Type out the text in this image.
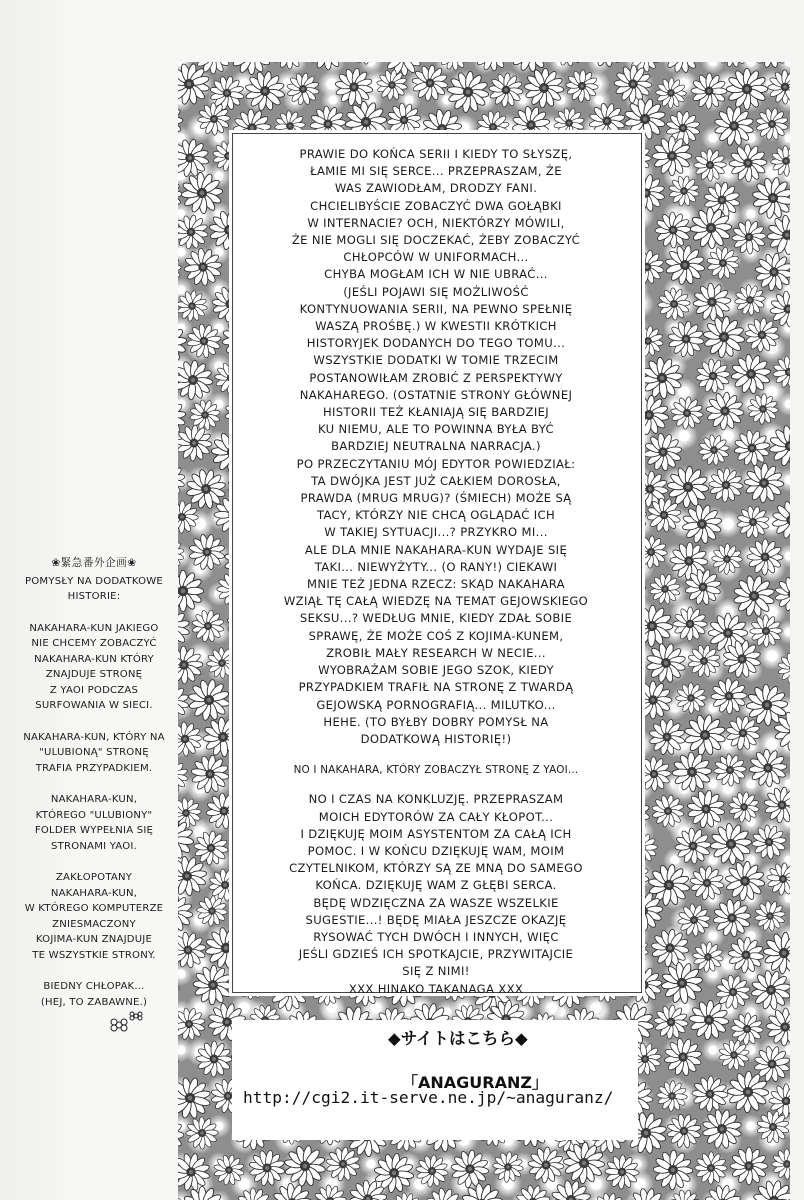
PRAWIE DO KOŃCA SERII I KIEDY TO SŁYSZĘ,
ŁAMIE MI SIĘ SERCE... PRZEPRASZAM, ŻE
WAS ZAWIODŁAM, DRODZY FANI.
CHCIELIBYŚCIE ZOBACZYĆ DWA GOŁĄBKI
W INTERNACIE? OCH, NIEKTÓRZY MÓWILI,
ŻE NIE MOGLI SIĘ DOCZEKAĆ, ŻEBY ZOBACZYĆ
CHŁOPCÓW W UNIFORMACH...
CHYBA MOGŁAM ICH W NIE UBRAĆ...
(JEŚLI POJAWI SIĘ MOŻLIWOŚĆ
KONTYNUOWANIA SERII, NA PEWNO SPEŁNIĘ
WASZĄ PROŚBĘ.) W KWESTII KRÓTKICH
HISTORYJEK DODANYCH DO TEGO TOMU...
WSZYSTKIE DODATKI W TOMIE TRZECIM
POSTANOWIŁAM ZROBIĆ Z PERSPEKTYWY
NAKAHAREGO. (OSTATNIE STRONY GŁÓWNEJ
HISTORII TEŻ KŁANIAJĄ SIĘ BARDZIEJ
KU NIEMU, ALE TO POWINNA BYŁA BYĆ
BARDZIEJ NEUTRALNA NARRACJA.)
PO PRZECZYTANIU MÓJ EDYTOR POWIEDZIAŁ:
TA DWÓJKA JEST JUŻ CAŁKIEM DOROSŁA,
PRAWDA (MRUG MRUG)? (ŚMIECH) MOŻE SĄ
TACY, KTÓRZY NIE CHCĄ OGLĄDAĆ ICH
W TAKIEJ SYTUACJI...? PRZYKRO MI...
ALE DLA MNIE NAKAHARA-KUN WYDAJE SIĘ
TAKI... NIEWYŻYTY... (O RANY!) CIEKAWI
MNIE TEŻ JEDNA RZECZ: SKĄD NAKAHARA
WZIĄŁ TĘ CAŁĄ WIEDZĘ NA TEMAT GEJOWSKIEGO
SEKSU...? WEDŁUG MNIE, KIEDY ZDAŁ SOBIE
SPRAWĘ, ŻE MOŻE COŚ Z KOJIMA-KUNEM,
ZROBIŁ MAŁY RESEARCH W NECIE...
WYOBRAŻAM SOBIE JEGO SZOK, KIEDY
PRZYPADKIEM TRAFIŁ NA STRONĘ Z TWARDĄ
GEJOWSKĄ PORNOGRAFIĄ... MILUTKO...
HEHE. (TO BYŁBY DOBRY POMYSŁ NA
DODATKOWĄ HISTORIĘ!)
NO I NAKAHARA, KTÓRY ZOBACZYŁ STRONĘ Z YAOI...
NO I CZAS NA KONKLUZJĘ. PRZEPRASZAM
MOICH EDYTORÓW ZA CAŁY KŁOPOT...
I DZIĘKUJĘ MOIM ASYSTENTOM ZA CAŁĄ ICH
POMOC. I W KOŃCU DZIĘKUJĘ WAM, MOIM
CZYTELNIKOM, KTÓRZY SĄ ZE MNĄ DO SAMEGO
KOŃCA. DZIĘKUJĘ WAM Z GŁĘBI SERCA.
BĘDĘ WDZIĘCZNA ZA WASZE WSZELKIE
SUGESTIE...! BĘDĘ MIAŁA JESZCZE OKAZJĘ
RYSOWAĆ TYCH DWÓCH I INNYCH, WIĘC
JEŚLI GDZIEŚ ICH SPOTKAJCIE, PRZYWITAJCIE
SIĘ Z NIMI!
XXX HINAKO TAKANAGA XXX
◆サイトはこちら◆
「ANAGURANZ」
http://cgi2.it-serve.ne.jp/~anaguranz/
❀緊急番外企画❀
POMYSŁY NA DODATKOWE
HISTORIE:
NAKAHARA-KUN JAKIEGO
NIE CHCEMY ZOBACZYĆ
NAKAHARA-KUN KTÓRY
ZNAJDUJE STRONĘ
Z YAOI PODCZAS
SURFOWANIA W SIECI.
NAKAHARA-KUN, KTÓRY NA
"ULUBIONĄ" STRONĘ
TRAFIA PRZYPADKIEM.
NAKAHARA-KUN,
KTÓREGO "ULUBIONY"
FOLDER WYPEŁNIA SIĘ
STRONAMI YAOI.
ZAKŁOPOTANY
NAKAHARA-KUN,
W KTÓREGO KOMPUTERZE
ZNIESMACZONY
KOJIMA-KUN ZNAJDUJE
TE WSZYSTKIE STRONY.
BIEDNY CHŁOPAK...
(HEJ, TO ZABAWNE.)
